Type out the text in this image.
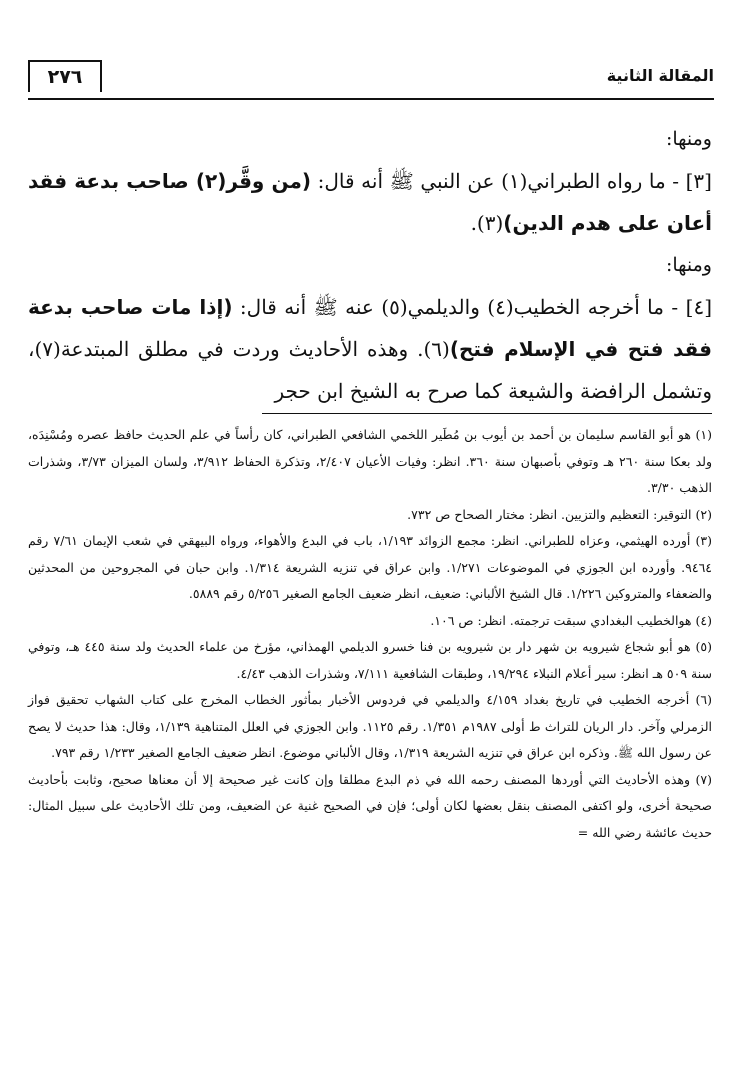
المقالة الثانية
٢٧٦

ومنها:

[٣] - ما رواه الطبراني(١) عن النبي ﷺ أنه قال: (من وقَّر(٢) صاحب بدعة فقد أعان على هدم الدين)(٣).

ومنها:

[٤] - ما أخرجه الخطيب(٤) والديلمي(٥) عنه ﷺ أنه قال: (إذا مات صاحب بدعة فقد فتح في الإسلام فتح)(٦). وهذه الأحاديث وردت في مطلق المبتدعة(٧)، وتشمل الرافضة والشيعة كما صرح به الشيخ ابن حجر

(١) هو أبو القاسم سليمان بن أحمد بن أيوب بن مُطَير اللخمي الشافعي الطبراني، كان رأساً في علم الحديث حافظ عصره ومُسْنِدَه، ولد بعكا سنة ٢٦٠ هـ وتوفي بأصبهان سنة ٣٦٠. انظر: وفيات الأعيان ٢/٤٠٧، وتذكرة الحفاظ ٣/٩١٢، ولسان الميزان ٣/٧٣، وشذرات الذهب ٣/٣٠.

(٢) التوقير: التعظيم والتزيين. انظر: مختار الصحاح ص ٧٣٢.

(٣) أورده الهيثمي، وعزاه للطبراني. انظر: مجمع الزوائد ١/١٩٣، باب في البدع والأهواء، ورواه البيهقي في شعب الإيمان ٧/٦١ رقم ٩٤٦٤. وأورده ابن الجوزي في الموضوعات ١/٢٧١. وابن عراق في تنزيه الشريعة ١/٣١٤. وابن حبان في المجروحين من المحدثين والضعفاء والمتروكين ١/٢٢٦. قال الشيخ الألباني: ضعيف، انظر ضعيف الجامع الصغير ٥/٢٥٦ رقم ٥٨٨٩.

(٤) هوالخطيب البغدادي سبقت ترجمته. انظر: ص ١٠٦.

(٥) هو أبو شجاع شيرويه بن شهر دار بن شيرويه بن فنا خسرو الديلمي الهمذاني، مؤرخ من علماء الحديث ولد سنة ٤٤٥ هـ، وتوفي سنة ٥٠٩ هـ انظر: سير أعلام النبلاء ١٩/٢٩٤، وطبقات الشافعية ٧/١١١، وشذرات الذهب ٤/٤٣.

(٦) أخرجه الخطيب في تاريخ بغداد ٤/١٥٩ والديلمي في فردوس الأخبار بمأثور الخطاب المخرج على كتاب الشهاب تحقيق فواز الزمرلي وآخر. دار الريان للتراث ط أولى ١٩٨٧م ١/٣٥١. رقم ١١٢٥. وابن الجوزي في العلل المتناهية ١/١٣٩، وقال: هذا حديث لا يصح عن رسول الله ﷺ. وذكره ابن عراق في تنزيه الشريعة ١/٣١٩، وقال الألباني موضوع. انظر ضعيف الجامع الصغير ١/٢٣٣ رقم ٧٩٣.

(٧) وهذه الأحاديث التي أوردها المصنف رحمه الله في ذم البدع مطلقا وإن كانت غير صحيحة إلا أن معناها صحيح، وثابت بأحاديث صحيحة أخرى، ولو اكتفى المصنف بنقل بعضها لكان أولى؛ فإن في الصحيح غنية عن الضعيف، ومن تلك الأحاديث على سبيل المثال: حديث عائشة رضي الله =
